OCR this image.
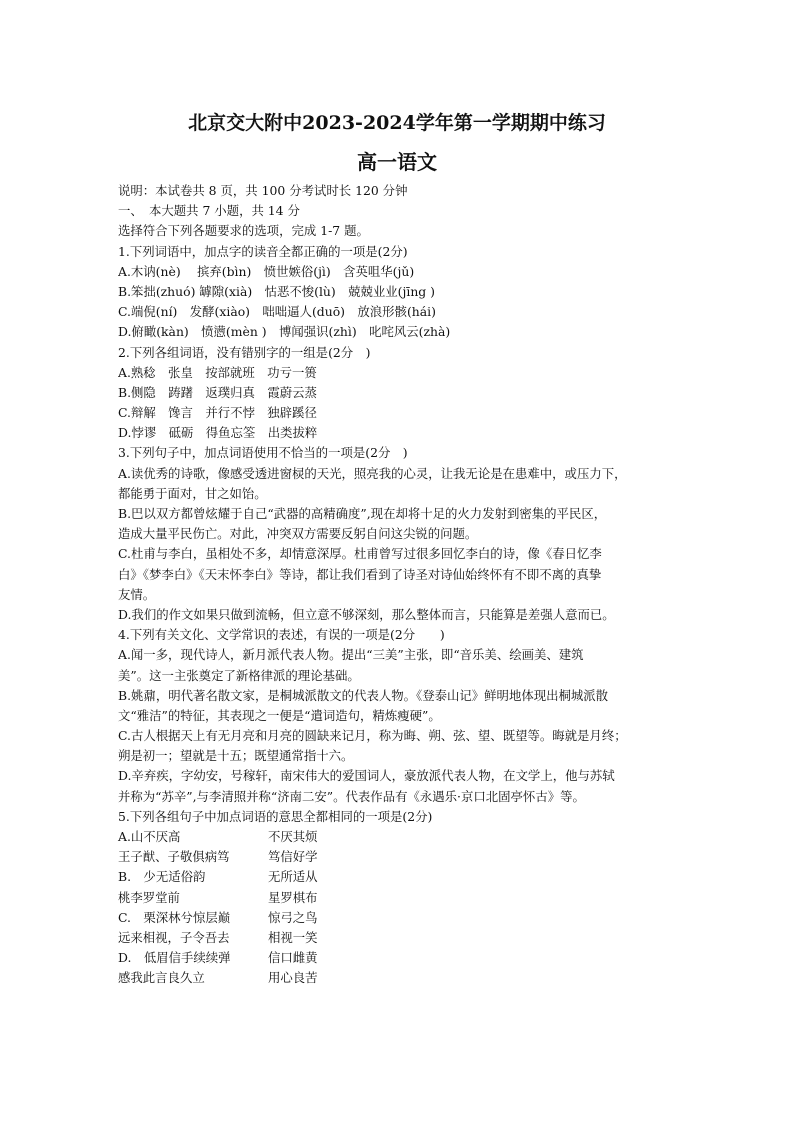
北京交大附中2023-2024学年第一学期期中练习
高一语文
说明：本试卷共 8 页，共 100 分考试时长 120 分钟
一、　本大题共 7 小题，共 14 分
选择符合下列各题要求的选项，完成 1-7 题。
1.下列词语中，加点字的读音全都正确的一项是(2分)
A.木讷(nè)　 摈弃(bìn)　愤世嫉俗(jì)　含英咀华(jǔ)
B.笨拙(zhuó) 罅隙(xià)　怙恶不悛(lù)　兢兢业业(jīng )
C.端倪(ní)　发酵(xiào)　咄咄逼人(duō)　放浪形骸(hái)
D.俯瞰(kàn)　愤懑(mèn )　博闻强识(zhì)　叱咤风云(zhà)
2.下列各组词语，没有错别字的一组是(2分　)
A.熟稔　张皇　按部就班　功亏一篑
B.侧隐　踌躇　返璞归真　霞蔚云蒸
C.辩解　馋言　并行不悖　独辟蹊径
D.悖谬　砥砺　得鱼忘筌　出类拔粹
3.下列句子中，加点词语使用不恰当的一项是(2分　)
A.读优秀的诗歌，像感受透进窗棂的天光，照亮我的心灵，让我无论是在患难中，或压力下，
都能勇于面对，甘之如饴。
B.巴以双方都曾炫耀于自己“武器的高精确度”,现在却将十足的火力发射到密集的平民区，
造成大量平民伤亡。对此，冲突双方需要反躬自问这尖锐的问题。
C.杜甫与李白，虽相处不多，却情意深厚。杜甫曾写过很多回忆李白的诗，像《春日忆李
白》《梦李白》《天末怀李白》等诗，都让我们看到了诗圣对诗仙始终怀有不即不离的真挚
友情。
D.我们的作文如果只做到流畅，但立意不够深刻，那么整体而言，只能算是差强人意而已。
4.下列有关文化、文学常识的表述，有误的一项是(2分　　)
A.闻一多，现代诗人，新月派代表人物。提出“三美”主张，即“音乐美、绘画美、建筑
美”。这一主张奠定了新格律派的理论基础。
B.姚鼐，明代著名散文家，是桐城派散文的代表人物。《登泰山记》鲜明地体现出桐城派散
文“雅洁”的特征，其表现之一便是“遣词造句，精炼瘦硬”。
C.古人根据天上有无月亮和月亮的圆缺来记月，称为晦、朔、弦、望、既望等。晦就是月终；
朔是初一；望就是十五；既望通常指十六。
D.辛弃疾，字幼安，号稼轩，南宋伟大的爱国词人，豪放派代表人物，在文学上，他与苏轼
并称为“苏辛”,与李清照并称“济南二安”。代表作品有《永遇乐·京口北固亭怀古》等。
5.下列各组句子中加点词语的意思全都相同的一项是(2分)
A.山不厌高	不厌其烦
王子猷、子敬俱病笃	笃信好学
B.　少无适俗韵	无所适从
桃李罗堂前	星罗棋布
C.　栗深林兮惊层巅	惊弓之鸟
远来相视，子令吾去	相视一笑
D.　低眉信手续续弹	信口雌黄
感我此言良久立	用心良苦
